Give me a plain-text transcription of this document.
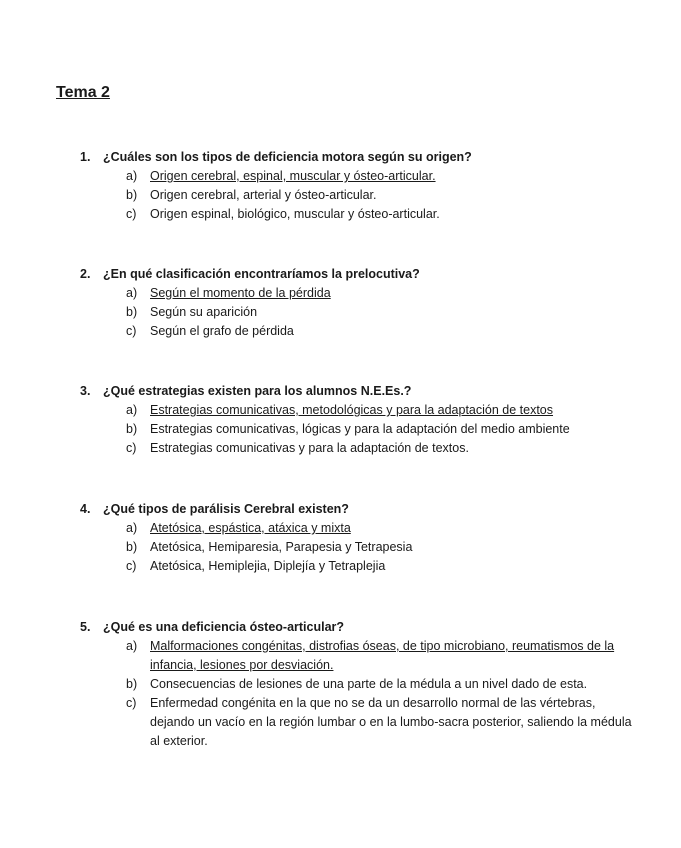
Tema 2
1.	¿Cuáles son los tipos de deficiencia motora según su origen?
a)	Origen cerebral, espinal, muscular y ósteo-articular.
b)	Origen cerebral, arterial y ósteo-articular.
c)	Origen espinal, biológico, muscular y ósteo-articular.
2.	¿En qué clasificación encontraríamos la prelocutiva?
a)	Según el momento de la pérdida
b)	Según su aparición
c)	Según el grafo de pérdida
3.	¿Qué estrategias existen para los alumnos N.E.Es.?
a)	Estrategias comunicativas, metodológicas y para la adaptación de textos
b)	Estrategias comunicativas, lógicas y para la adaptación del medio ambiente
c)	Estrategias comunicativas y para la adaptación de textos.
4.	¿Qué tipos de parálisis Cerebral existen?
a)	Atetósica, espástica, atáxica y mixta
b)	Atetósica, Hemiparesia, Parapesia y Tetrapesia
c)	Atetósica, Hemiplejia, Diplejía y Tetraplejia
5.	¿Qué es una deficiencia ósteo-articular?
a)	Malformaciones congénitas, distrofias óseas, de tipo microbiano, reumatismos de la infancia, lesiones por desviación.
b)	Consecuencias de lesiones de una parte de la médula a un nivel dado de esta.
c)	Enfermedad congénita en la que no se da un desarrollo normal de las vértebras, dejando un vacío en la región lumbar o en la lumbo-sacra posterior, saliendo la médula al exterior.
